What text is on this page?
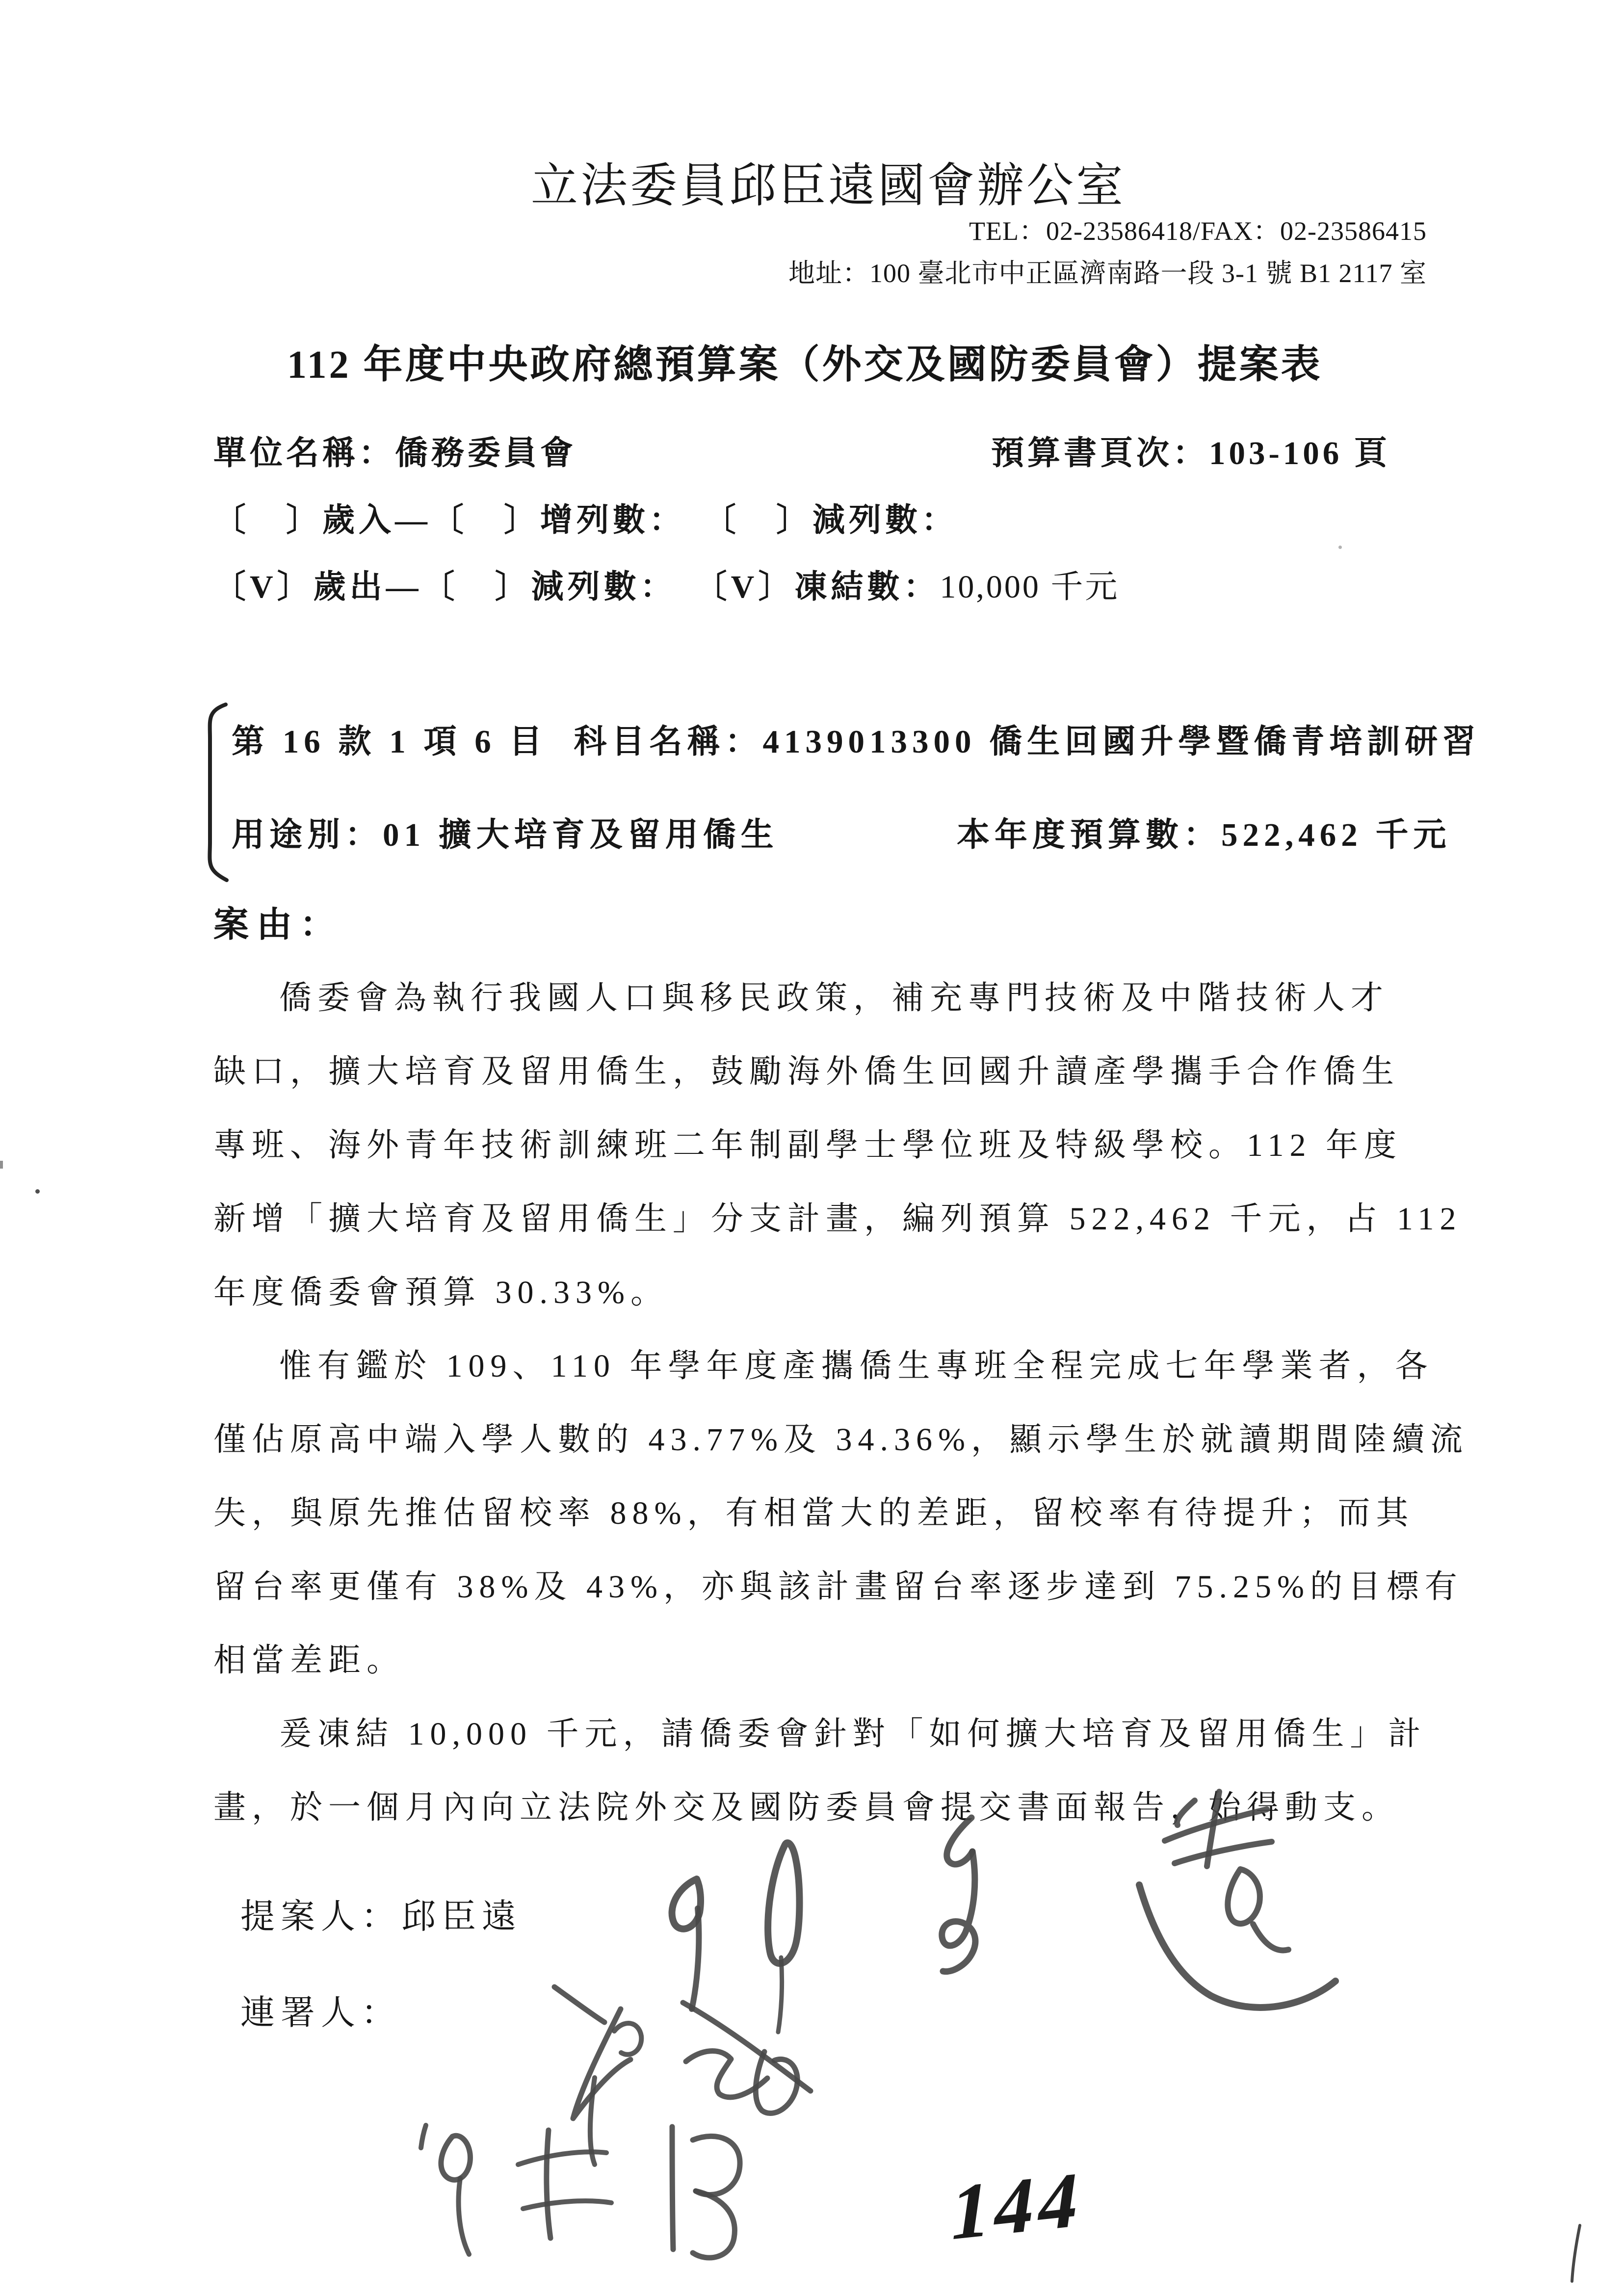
立法委員邱臣遠國會辦公室
TEL：02-23586418/FAX：02-23586415
地址：100 臺北市中正區濟南路一段 3-1 號 B1 2117 室
112 年度中央政府總預算案（外交及國防委員會）提案表
單位名稱：僑務委員會	預算書頁次：103-106 頁
〔　〕歲入—〔　〕增列數： 〔　〕減列數：
〔V〕歲出—〔　〕減列數： 〔V〕凍結數：10,000 千元
第 16 款 1 項 6 目 科目名稱：4139013300 僑生回國升學暨僑青培訓研習
用途別：01 擴大培育及留用僑生	本年度預算數：522,462 千元
案由：
僑委會為執行我國人口與移民政策，補充專門技術及中階技術人才
缺口，擴大培育及留用僑生，鼓勵海外僑生回國升讀產學攜手合作僑生
專班、海外青年技術訓練班二年制副學士學位班及特級學校。112 年度
新增「擴大培育及留用僑生」分支計畫，編列預算 522,462 千元，占 112
年度僑委會預算 30.33%。
惟有鑑於 109、110 年學年度產攜僑生專班全程完成七年學業者，各
僅佔原高中端入學人數的 43.77%及 34.36%，顯示學生於就讀期間陸續流
失，與原先推估留校率 88%，有相當大的差距，留校率有待提升；而其
留台率更僅有 38%及 43%，亦與該計畫留台率逐步達到 75.25%的目標有
相當差距。
爰凍結 10,000 千元，請僑委會針對「如何擴大培育及留用僑生」計
畫，於一個月內向立法院外交及國防委員會提交書面報告，始得動支。
提案人：邱臣遠
連署人：
144
